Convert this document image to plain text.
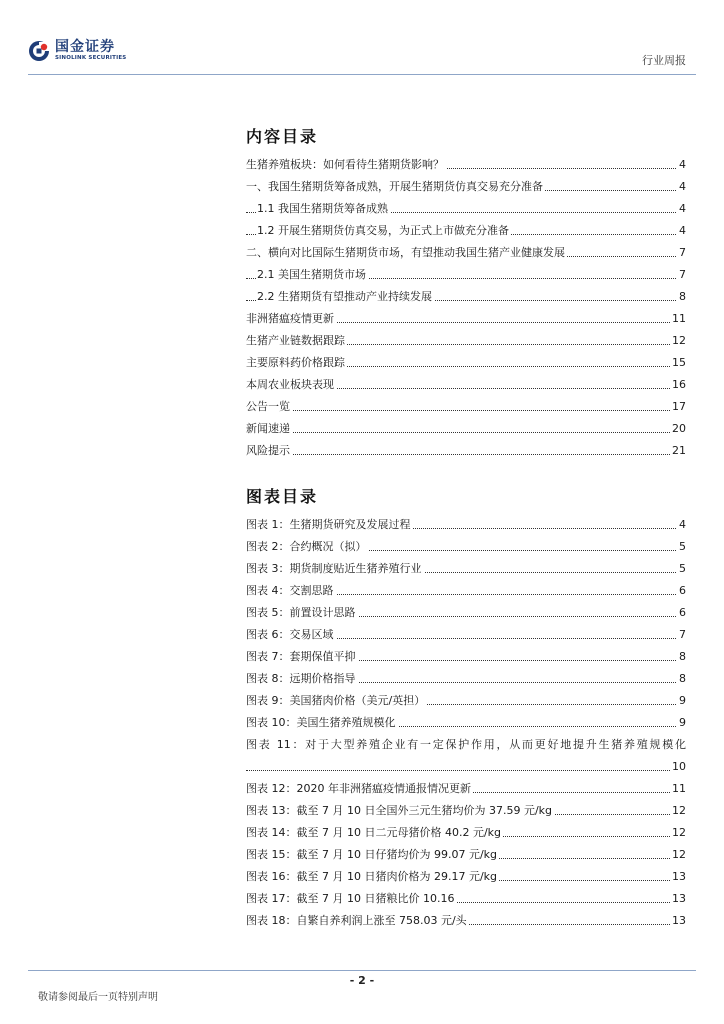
国金证券
SINOLINK SECURITIES	行业周报
内容目录
生猪养殖板块：如何看待生猪期货影响？	4
一、我国生猪期货筹备成熟，开展生猪期货仿真交易充分准备	4
1.1 我国生猪期货筹备成熟	4
1.2 开展生猪期货仿真交易，为正式上市做充分准备	4
二、横向对比国际生猪期货市场，有望推动我国生猪产业健康发展	7
2.1 美国生猪期货市场	7
2.2 生猪期货有望推动产业持续发展	8
非洲猪瘟疫情更新	11
生猪产业链数据跟踪	12
主要原料药价格跟踪	15
本周农业板块表现	16
公告一览	17
新闻速递	20
风险提示	21
图表目录
图表 1：生猪期货研究及发展过程	4
图表 2：合约概况（拟）	5
图表 3：期货制度贴近生猪养殖行业	5
图表 4：交割思路	6
图表 5：前置设计思路	6
图表 6：交易区域	7
图表 7：套期保值平抑	8
图表 8：远期价格指导	8
图表 9：美国猪肉价格（美元/英担）	9
图表 10：美国生猪养殖规模化	9
图表 11：对于大型养殖企业有一定保护作用，从而更好地提升生猪养殖规模化
10
图表 12：2020 年非洲猪瘟疫情通报情况更新	11
图表 13：截至 7 月 10 日全国外三元生猪均价为 37.59 元/kg	12
图表 14：截至 7 月 10 日二元母猪价格 40.2 元/kg	12
图表 15：截至 7 月 10 日仔猪均价为 99.07 元/kg	12
图表 16：截至 7 月 10 日猪肉价格为 29.17 元/kg	13
图表 17：截至 7 月 10 日猪粮比价 10.16	13
图表 18：自繁自养利润上涨至 758.03 元/头	13
- 2 -
敬请参阅最后一页特别声明
